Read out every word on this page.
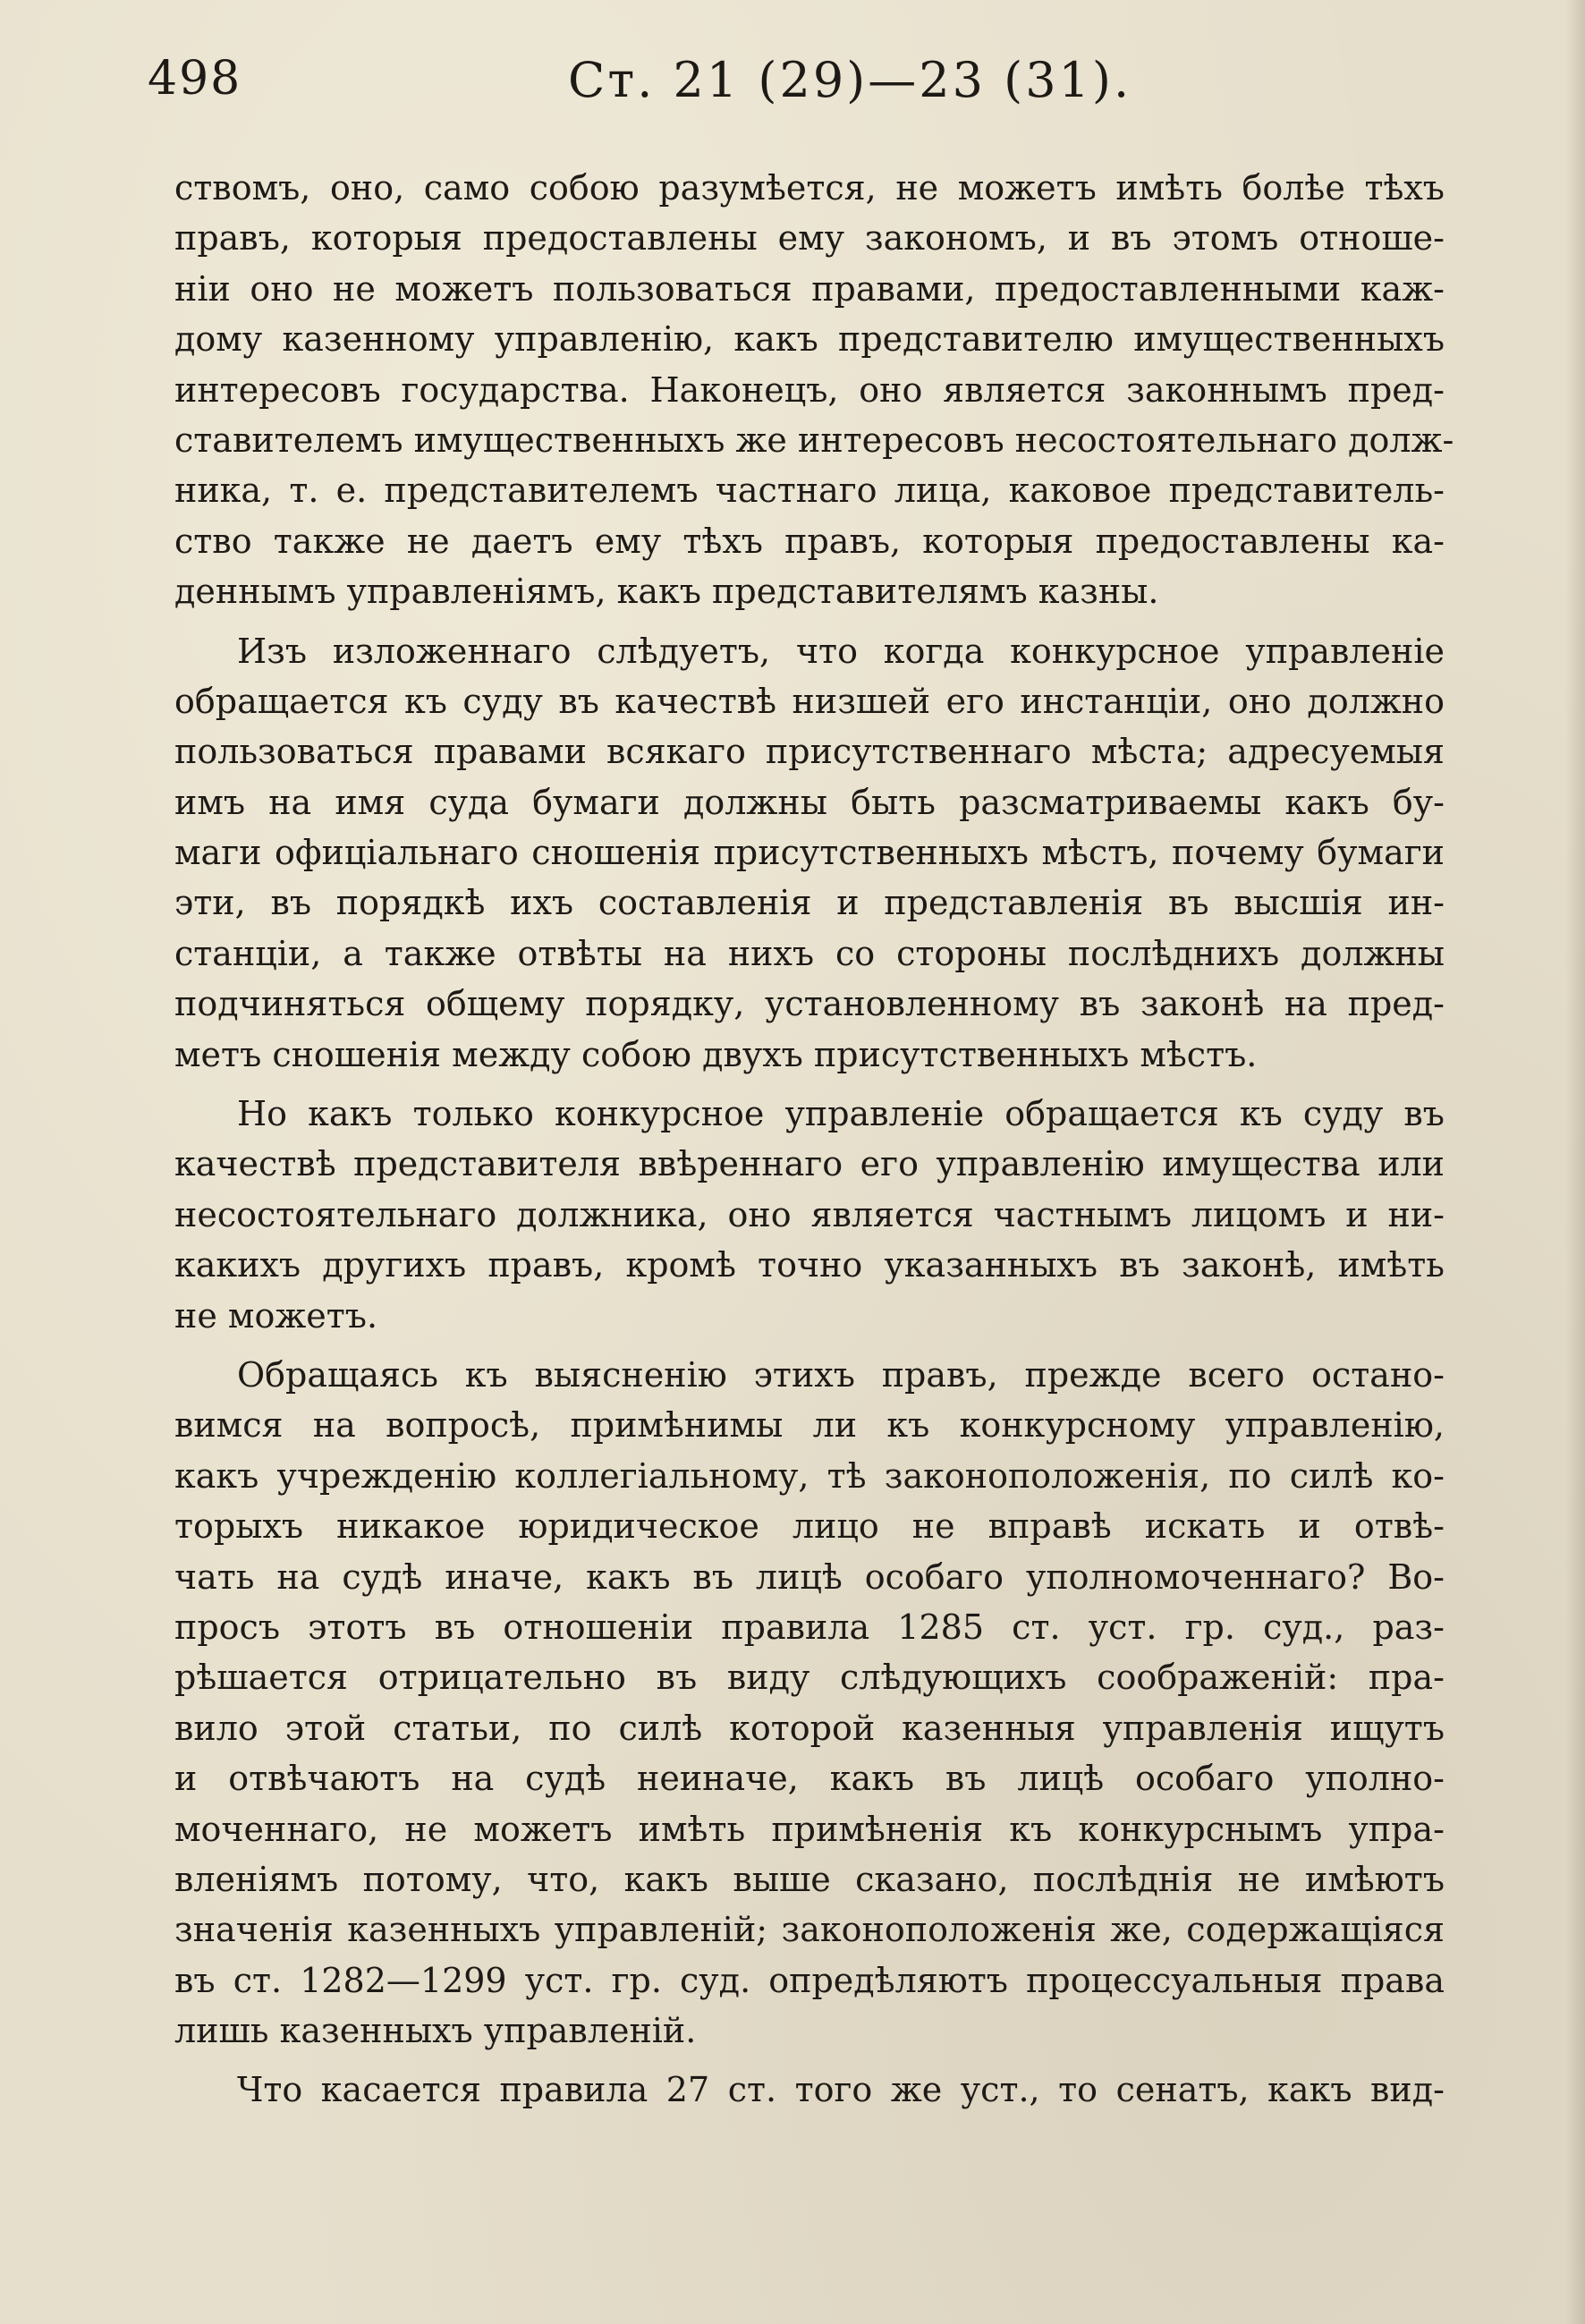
498	Ст. 21 (29)—23 (31).
ствомъ, оно, само собою разумѣется, не можетъ имѣть болѣе тѣхъ
правъ, которыя предоставлены ему закономъ, и въ этомъ отноше-
ніи оно не можетъ пользоваться правами, предоставленными каж-
дому казенному управленію, какъ представителю имущественныхъ
интересовъ государства. Наконецъ, оно является законнымъ пред-
ставителемъ имущественныхъ же интересовъ несостоятельнаго долж-
ника, т. е. представителемъ частнаго лица, каковое представитель-
ство также не даетъ ему тѣхъ правъ, которыя предоставлены ка-
деннымъ управленіямъ, какъ представителямъ казны.
Изъ изложеннаго слѣдуетъ, что когда конкурсное управленіе
обращается къ суду въ качествѣ низшей его инстанціи, оно должно
пользоваться правами всякаго присутственнаго мѣста; адресуемыя
имъ на имя суда бумаги должны быть разсматриваемы какъ бу-
маги офиціальнаго сношенія присутственныхъ мѣстъ, почему бумаги
эти, въ порядкѣ ихъ составленія и представленія въ высшія ин-
станціи, а также отвѣты на нихъ со стороны послѣднихъ должны
подчиняться общему порядку, установленному въ законѣ на пред-
метъ сношенія между собою двухъ присутственныхъ мѣстъ.
Но какъ только конкурсное управленіе обращается къ суду въ
качествѣ представителя ввѣреннаго его управленію имущества или
несостоятельнаго должника, оно является частнымъ лицомъ и ни-
какихъ другихъ правъ, кромѣ точно указанныхъ въ законѣ, имѣть
не можетъ.
Обращаясь къ выясненію этихъ правъ, прежде всего остано-
вимся на вопросѣ, примѣнимы ли къ конкурсному управленію,
какъ учрежденію коллегіальному, тѣ законоположенія, по силѣ ко-
торыхъ никакое юридическое лицо не вправѣ искать и отвѣ-
чать на судѣ иначе, какъ въ лицѣ особаго уполномоченнаго? Во-
просъ этотъ въ отношеніи правила 1285 ст. уст. гр. суд., раз-
рѣшается отрицательно въ виду слѣдующихъ соображеній: пра-
вило этой статьи, по силѣ которой казенныя управленія ищутъ
и отвѣчаютъ на судѣ неиначе, какъ въ лицѣ особаго уполно-
моченнаго, не можетъ имѣть примѣненія къ конкурснымъ упра-
вленіямъ потому, что, какъ выше сказано, послѣднія не имѣютъ
значенія казенныхъ управленій; законоположенія же, содержащіяся
въ ст. 1282—1299 уст. гр. суд. опредѣляютъ процессуальныя права
лишь казенныхъ управленій.
Что касается правила 27 ст. того же уст., то сенатъ, какъ вид-
